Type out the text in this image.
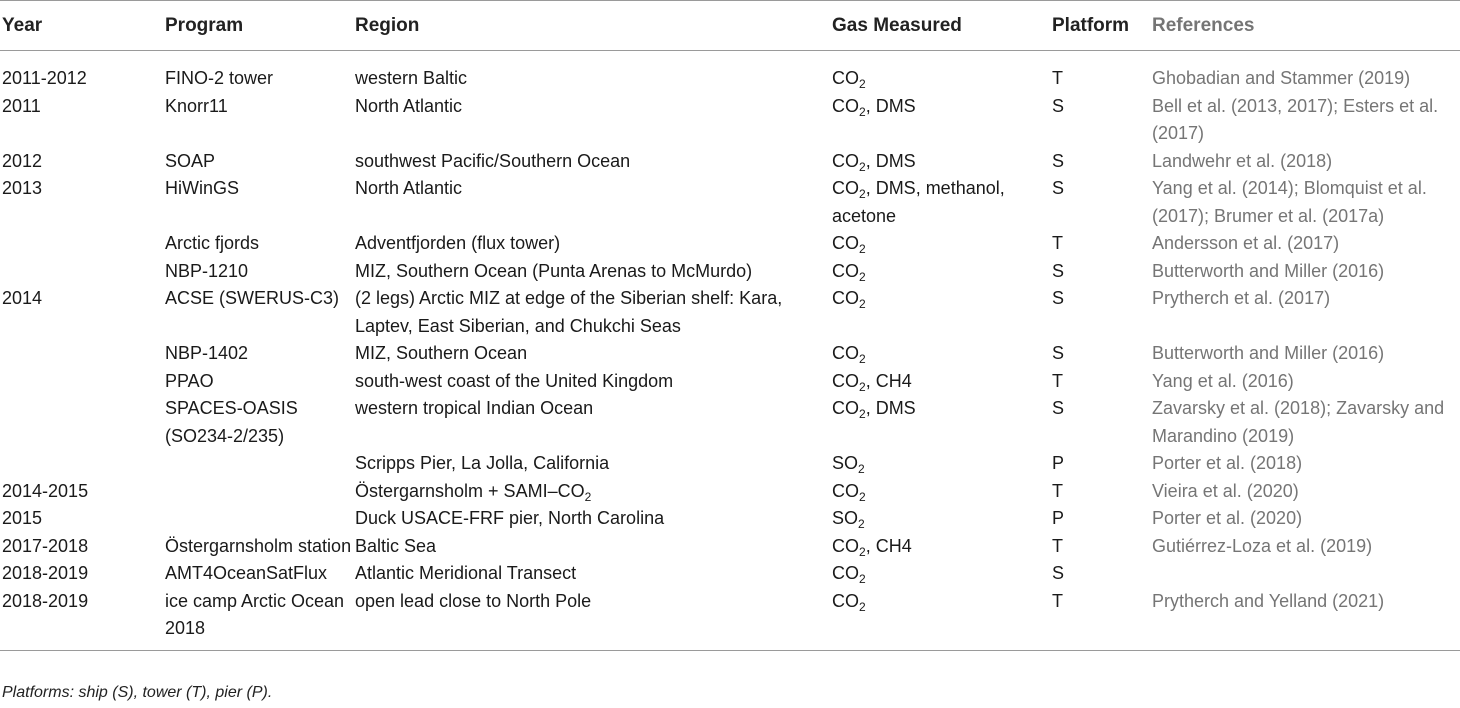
Year	Program	Region	Gas Measured	Platform	References
2011-2012	FINO-2 tower	western Baltic	$CO_2$	T	Ghobadian and Stammer (2019)
2011	Knorr11	North Atlantic	$CO_2$, DMS	S	Bell et al. (2013, 2017); Esters et al. (2017)
2012	SOAP	southwest Pacific/Southern Ocean	$CO_2$, DMS	S	Landwehr et al. (2018)
2013	HiWinGS	North Atlantic	$CO_2$, DMS, methanol, acetone	S	Yang et al. (2014); Blomquist et al. (2017); Brumer et al. (2017a)
	Arctic fjords	Adventfjorden (flux tower)	$CO_2$	T	Andersson et al. (2017)
	NBP-1210	MIZ, Southern Ocean (Punta Arenas to McMurdo)	$CO_2$	S	Butterworth and Miller (2016)
2014	ACSE (SWERUS-C3)	(2 legs) Arctic MIZ at edge of the Siberian shelf: Kara, Laptev, East Siberian, and Chukchi Seas	$CO_2$	S	Prytherch et al. (2017)
	NBP-1402	MIZ, Southern Ocean	$CO_2$	S	Butterworth and Miller (2016)
	PPAO	south-west coast of the United Kingdom	$CO_2$, CH4	T	Yang et al. (2016)
	SPACES-OASIS (SO234-2/235)	western tropical Indian Ocean	$CO_2$, DMS	S	Zavarsky et al. (2018); Zavarsky and Marandino (2019)
		Scripps Pier, La Jolla, California	$SO_2$	P	Porter et al. (2018)
2014-2015		Östergarnsholm + SAMI–$CO_2$	$CO_2$	T	Vieira et al. (2020)
2015		Duck USACE-FRF pier, North Carolina	$SO_2$	P	Porter et al. (2020)
2017-2018	Östergarnsholm station	Baltic Sea	$CO_2$, CH4	T	Gutiérrez-Loza et al. (2019)
2018-2019	AMT4OceanSatFlux	Atlantic Meridional Transect	$CO_2$	S	
2018-2019	ice camp Arctic Ocean 2018	open lead close to North Pole	$CO_2$	T	Prytherch and Yelland (2021)
Platforms: ship (S), tower (T), pier (P).
